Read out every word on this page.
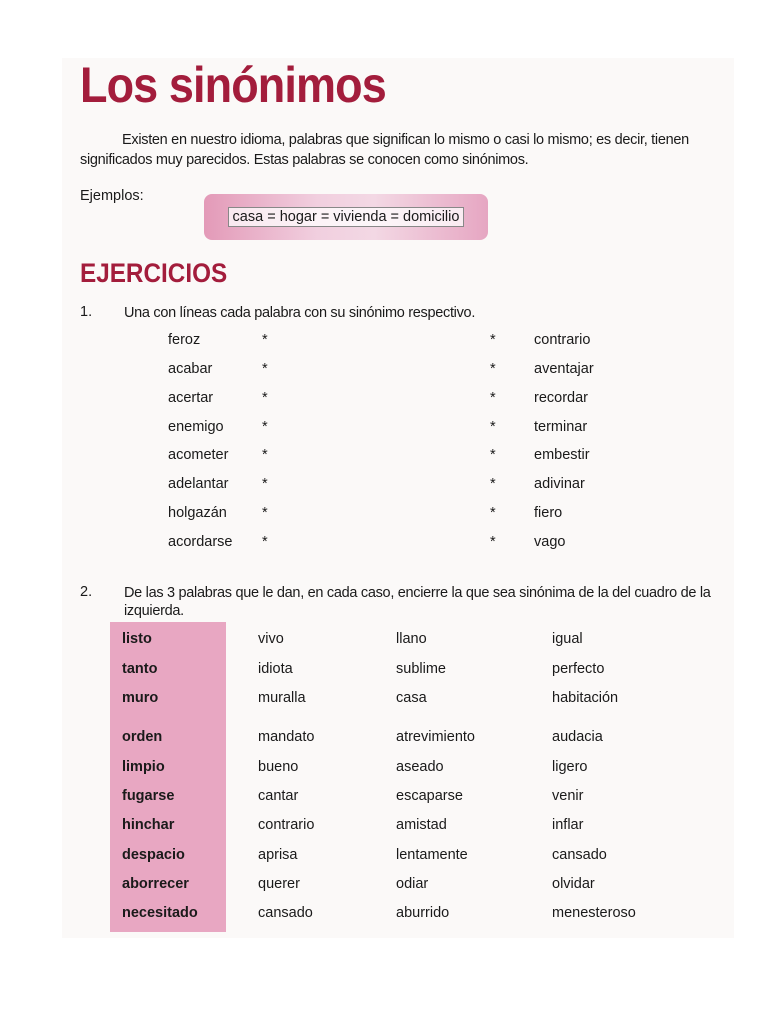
Los sinónimos

Existen en nuestro idioma, palabras que significan lo mismo o casi lo mismo; es decir, tienen significados muy parecidos. Estas palabras se conocen como sinónimos.

Ejemplos:
casa = hogar = vivienda = domicilio
EJERCICIOS
1. Una con líneas cada palabra con su sinónimo respectivo.

feroz	*	*	contrario
acabar	*	*	aventajar
acertar	*	*	recordar
enemigo	*	*	terminar
acometer *	*	embestir
adelantar *	*	adivinar
holgazán *	*	fiero
acordarse *	*	vago
2. De las 3 palabras que le dan, en cada caso, encierre la que sea sinónima de la del cuadro de la izquierda.

listo	vivo	llano	igual
tanto	idiota	sublime	perfecto
muro	muralla	casa	habitación
orden	mandato	atrevimiento	audacia
limpio	bueno	aseado	ligero
fugarse	cantar	escaparse	venir
hinchar	contrario	amistad	inflar
despacio	aprisa	lentamente	cansado
aborrecer	querer	odiar	olvidar
necesitado	cansado	aburrido	menesteroso
